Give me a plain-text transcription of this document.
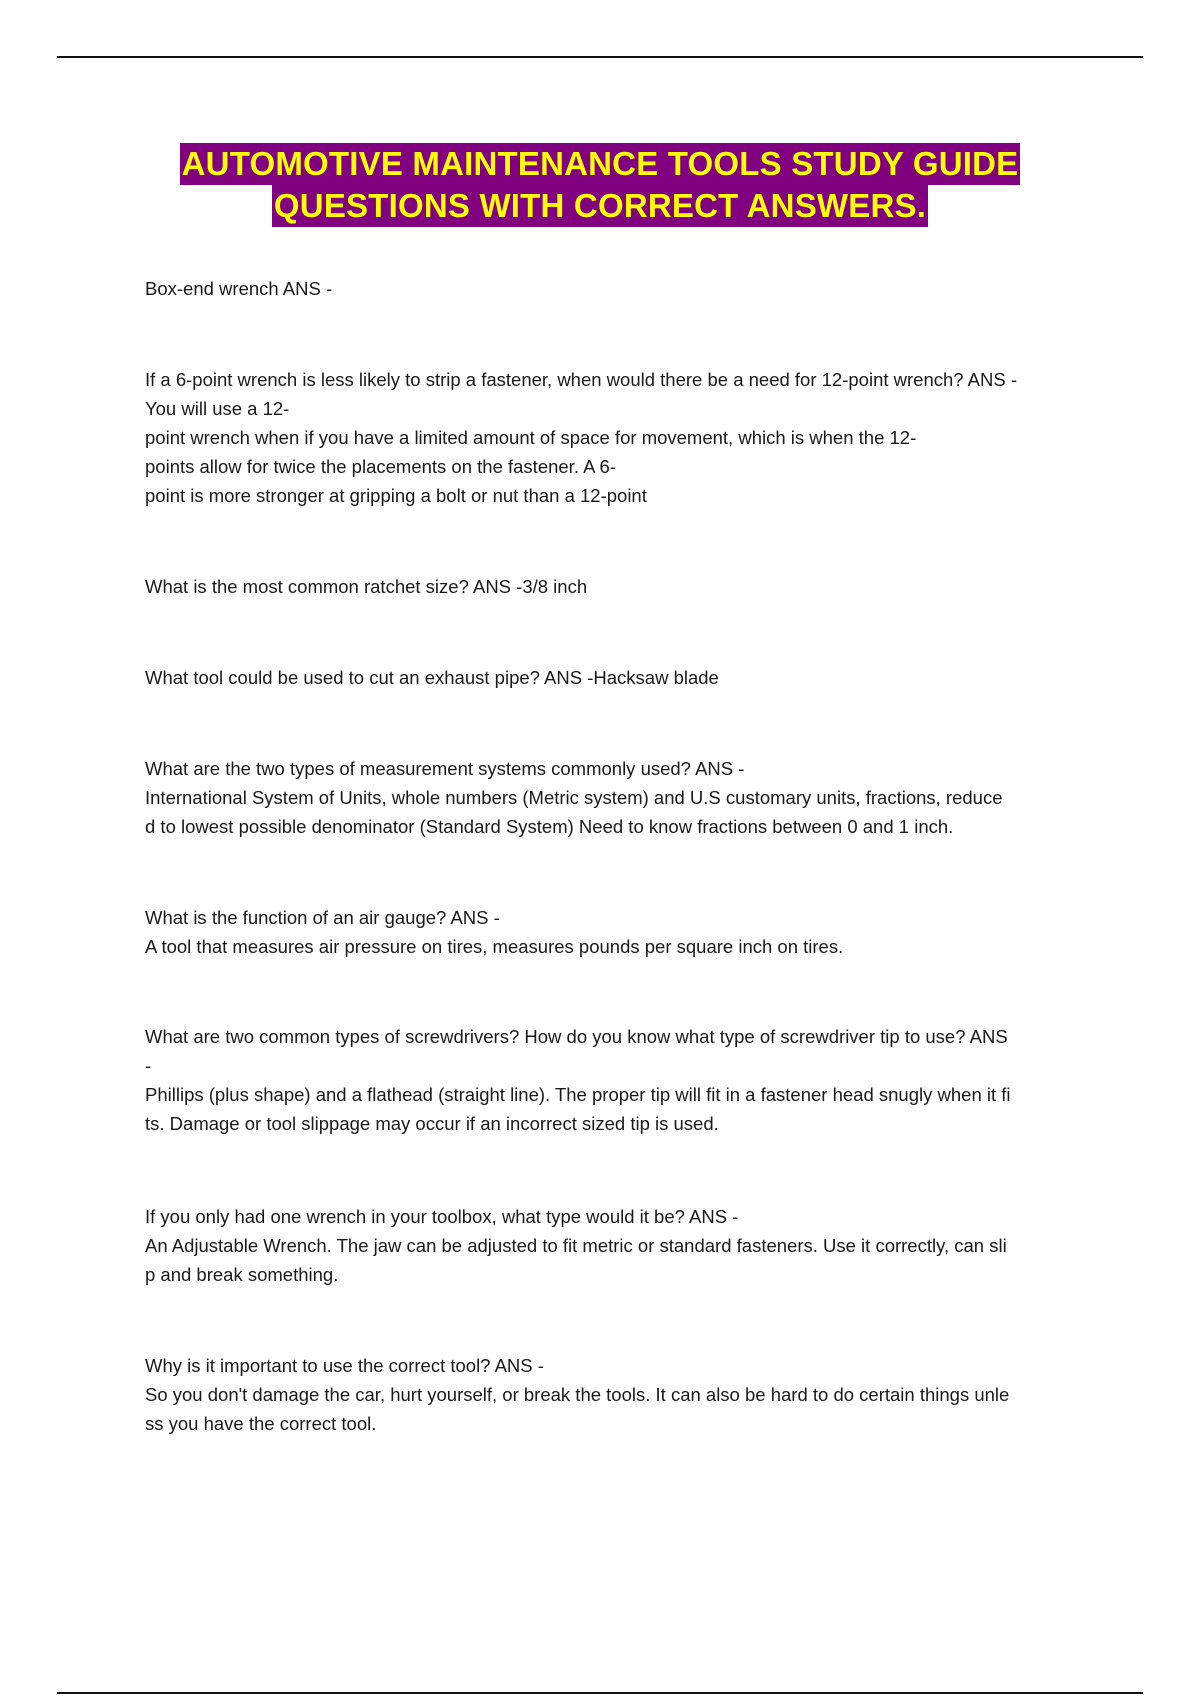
AUTOMOTIVE MAINTENANCE TOOLS STUDY GUIDE
QUESTIONS WITH CORRECT ANSWERS.
Box-end wrench ANS -
If a 6-point wrench is less likely to strip a fastener, when would there be a need for 12-point wrench? ANS -
You will use a 12-
point wrench when if you have a limited amount of space for movement, which is when the 12-
points allow for twice the placements on the fastener. A 6-
point is more stronger at gripping a bolt or nut than a 12-point
What is the most common ratchet size? ANS -3/8 inch
What tool could be used to cut an exhaust pipe? ANS -Hacksaw blade
What are the two types of measurement systems commonly used? ANS -
International System of Units, whole numbers (Metric system) and U.S customary units, fractions, reduce
d to lowest possible denominator (Standard System) Need to know fractions between 0 and 1 inch.
What is the function of an air gauge? ANS -
A tool that measures air pressure on tires, measures pounds per square inch on tires.
What are two common types of screwdrivers? How do you know what type of screwdriver tip to use? ANS
-
Phillips (plus shape) and a flathead (straight line). The proper tip will fit in a fastener head snugly when it fi
ts. Damage or tool slippage may occur if an incorrect sized tip is used.
If you only had one wrench in your toolbox, what type would it be? ANS -
An Adjustable Wrench. The jaw can be adjusted to fit metric or standard fasteners. Use it correctly, can sli
p and break something.
Why is it important to use the correct tool? ANS -
So you don't damage the car, hurt yourself, or break the tools. It can also be hard to do certain things unle
ss you have the correct tool.
